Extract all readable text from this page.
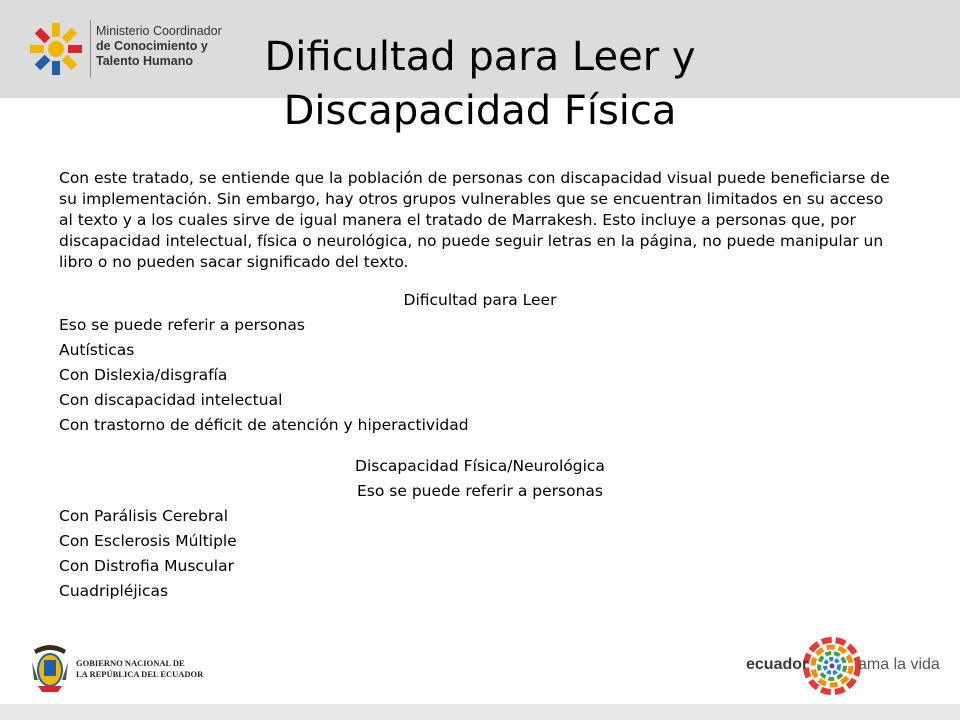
Ministerio Coordinador
de Conocimiento y
Talento Humano	Dificultad para Leer y
Discapacidad Física

Con este tratado, se entiende que la población de personas con discapacidad visual puede beneficiarse de su implementación. Sin embargo, hay otros grupos vulnerables que se encuentran limitados en su acceso al texto y a los cuales sirve de igual manera el tratado de Marrakesh. Esto incluye a personas que, por discapacidad intelectual, física o neurológica, no puede seguir letras en la página, no puede manipular un libro o no pueden sacar significado del texto.

Dificultad para Leer

Eso se puede referir a personas

Autísticas

Con Dislexia/disgrafía

Con discapacidad intelectual

Con trastorno de déficit de atención y hiperactividad

Discapacidad Física/Neurológica

Eso se puede referir a personas

Con Parálisis Cerebral

Con Esclerosis Múltiple

Con Distrofia Muscular

Cuadripléjicas

GOBIERNO NACIONAL DE
LA REPÚBLICA DEL ECUADOR
ecuador	ama la vida
